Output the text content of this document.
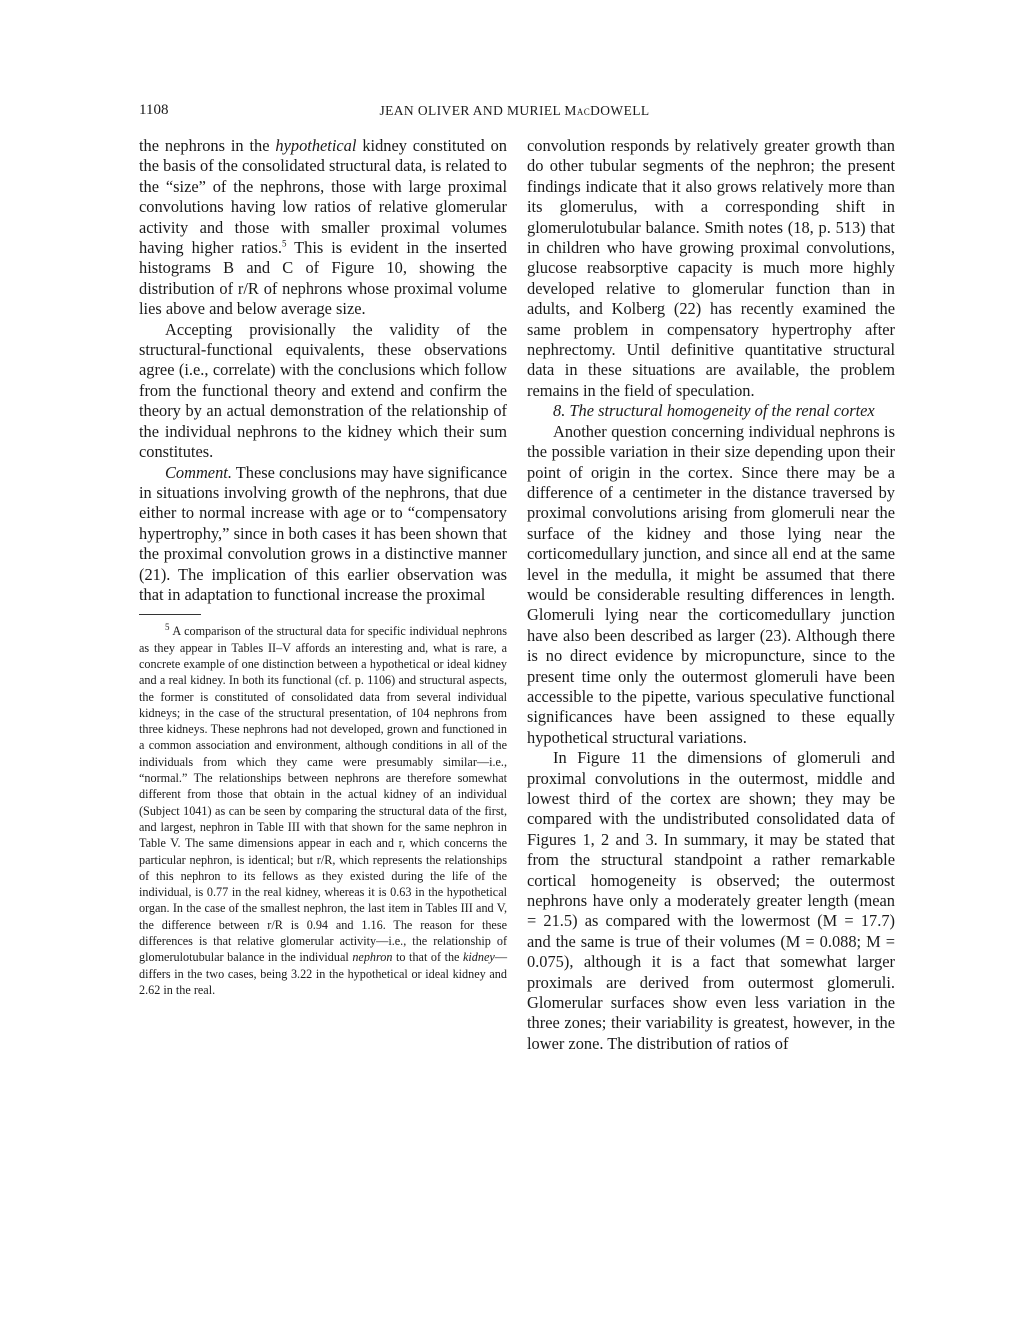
1108	JEAN OLIVER AND MURIEL MacDOWELL

the nephrons in the hypothetical kidney constituted on the basis of the consolidated structural data, is related to the “size” of the nephrons, those with large proximal convolutions having low ratios of relative glomerular activity and those with smaller proximal volumes having higher ratios.$^5$ This is evident in the inserted histograms B and C of Figure 10, showing the distribution of r/R of nephrons whose proximal volume lies above and below average size.

Accepting provisionally the validity of the structural-functional equivalents, these observations agree (i.e., correlate) with the conclusions which follow from the functional theory and extend and confirm the theory by an actual demonstration of the relationship of the individual nephrons to the kidney which their sum constitutes.

Comment. These conclusions may have significance in situations involving growth of the nephrons, that due either to normal increase with age or to “compensatory hypertrophy,” since in both cases it has been shown that the proximal convolution grows in a distinctive manner (21). The implication of this earlier observation was that in adaptation to functional increase the proximal

$^5$ A comparison of the structural data for specific individual nephrons as they appear in Tables II–V affords an interesting and, what is rare, a concrete example of one distinction between a hypothetical or ideal kidney and a real kidney. In both its functional (cf. p. 1106) and structural aspects, the former is constituted of consolidated data from several individual kidneys; in the case of the structural presentation, of 104 nephrons from three kidneys. These nephrons had not developed, grown and functioned in a common association and environment, although conditions in all of the individuals from which they came were presumably similar—i.e., “normal.” The relationships between nephrons are therefore somewhat different from those that obtain in the actual kidney of an individual (Subject 1041) as can be seen by comparing the structural data of the first, and largest, nephron in Table III with that shown for the same nephron in Table V. The same dimensions appear in each and r, which concerns the particular nephron, is identical; but r/R, which represents the relationships of this nephron to its fellows as they existed during the life of the individual, is 0.77 in the real kidney, whereas it is 0.63 in the hypothetical organ. In the case of the smallest nephron, the last item in Tables III and V, the difference between r/R is 0.94 and 1.16. The reason for these differences is that relative glomerular activity—i.e., the relationship of glomerulotubular balance in the individual nephron to that of the kidney—differs in the two cases, being 3.22 in the hypothetical or ideal kidney and 2.62 in the real.

convolution responds by relatively greater growth than do other tubular segments of the nephron; the present findings indicate that it also grows relatively more than its glomerulus, with a corresponding shift in glomerulotubular balance. Smith notes (18, p. 513) that in children who have growing proximal convolutions, glucose reabsorptive capacity is much more highly developed relative to glomerular function than in adults, and Kolberg (22) has recently examined the same problem in compensatory hypertrophy after nephrectomy. Until definitive quantitative structural data in these situations are available, the problem remains in the field of speculation.

8. The structural homogeneity of the renal cortex

Another question concerning individual nephrons is the possible variation in their size depending upon their point of origin in the cortex. Since there may be a difference of a centimeter in the distance traversed by proximal convolutions arising from glomeruli near the surface of the kidney and those lying near the corticomedullary junction, and since all end at the same level in the medulla, it might be assumed that there would be considerable resulting differences in length. Glomeruli lying near the corticomedullary junction have also been described as larger (23). Although there is no direct evidence by micropuncture, since to the present time only the outermost glomeruli have been accessible to the pipette, various speculative functional significances have been assigned to these equally hypothetical structural variations.

In Figure 11 the dimensions of glomeruli and proximal convolutions in the outermost, middle and lowest third of the cortex are shown; they may be compared with the undistributed consolidated data of Figures 1, 2 and 3. In summary, it may be stated that from the structural standpoint a rather remarkable cortical homogeneity is observed; the outermost nephrons have only a moderately greater length (mean = 21.5) as compared with the lowermost (M = 17.7) and the same is true of their volumes (M = 0.088; M = 0.075), although it is a fact that somewhat larger proximals are derived from outermost glomeruli. Glomerular surfaces show even less variation in the three zones; their variability is greatest, however, in the lower zone. The distribution of ratios of
